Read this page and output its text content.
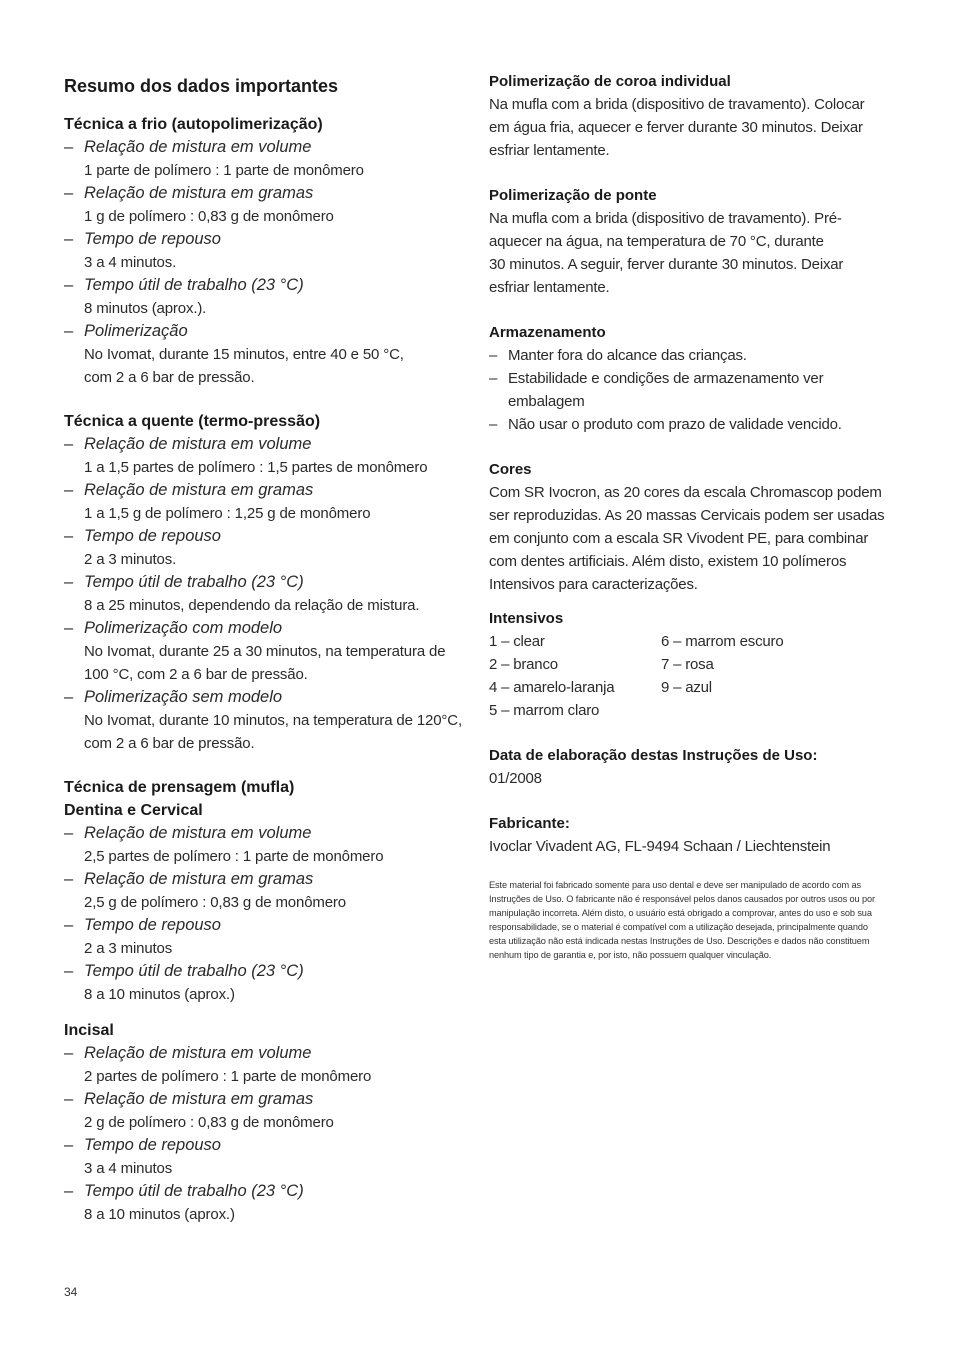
Resumo dos dados importantes
Técnica a frio (autopolimerização)
– Relação de mistura em volume
1 parte de polímero : 1 parte de monômero
– Relação de mistura em gramas
1 g de polímero : 0,83 g de monômero
– Tempo de repouso
3 a 4 minutos.
– Tempo útil de trabalho (23 °C)
8 minutos (aprox.).
– Polimerização
No Ivomat, durante 15 minutos, entre 40 e 50 °C,
com 2 a 6 bar de pressão.
Técnica a quente (termo-pressão)
– Relação de mistura em volume
1 a 1,5 partes de polímero : 1,5 partes de monômero
– Relação de mistura em gramas
1 a 1,5 g de polímero : 1,25 g de monômero
– Tempo de repouso
2 a 3 minutos.
– Tempo útil de trabalho (23 °C)
8 a 25 minutos, dependendo da relação de mistura.
– Polimerização com modelo
No Ivomat, durante 25 a 30 minutos, na temperatura de
100 °C, com 2 a 6 bar de pressão.
– Polimerização sem modelo
No Ivomat, durante 10 minutos, na temperatura de 120°C,
com 2 a 6 bar de pressão.
Técnica de prensagem (mufla)
Dentina e Cervical
– Relação de mistura em volume
2,5 partes de polímero : 1 parte de monômero
– Relação de mistura em gramas
2,5 g de polímero : 0,83 g de monômero
– Tempo de repouso
2 a 3 minutos
– Tempo útil de trabalho (23 °C)
8 a 10 minutos (aprox.)
Incisal
– Relação de mistura em volume
2 partes de polímero : 1 parte de monômero
– Relação de mistura em gramas
2 g de polímero : 0,83 g de monômero
– Tempo de repouso
3 a 4 minutos
– Tempo útil de trabalho (23 °C)
8 a 10 minutos (aprox.)
Polimerização de coroa individual
Na mufla com a brida (dispositivo de travamento). Colocar
em água fria, aquecer e ferver durante 30 minutos. Deixar
esfriar lentamente.
Polimerização de ponte
Na mufla com a brida (dispositivo de travamento). Pré-
aquecer na água, na temperatura de 70 °C, durante
30 minutos. A seguir, ferver durante 30 minutos. Deixar
esfriar lentamente.
Armazenamento
– Manter fora do alcance das crianças.
– Estabilidade e condições de armazenamento ver
embalagem
– Não usar o produto com prazo de validade vencido.
Cores
Com SR Ivocron, as 20 cores da escala Chromascop podem
ser reproduzidas. As 20 massas Cervicais podem ser usadas
em conjunto com a escala SR Vivodent PE, para combinar
com dentes artificiais. Além disto, existem 10 polímeros
Intensivos para caracterizações.
Intensivos
1 – clear
2 – branco
4 – amarelo-laranja
5 – marrom claro
6 – marrom escuro
7 – rosa
9 – azul
Data de elaboração destas Instruções de Uso:
01/2008
Fabricante:
Ivoclar Vivadent AG, FL-9494 Schaan / Liechtenstein
Este material foi fabricado somente para uso dental e deve ser manipulado de acordo com as
Instruções de Uso. O fabricante não é responsável pelos danos causados por outros usos ou por
manipulação incorreta. Além disto, o usuário está obrigado a comprovar, antes do uso e sob sua
responsabilidade, se o material é compatível com a utilização desejada, principalmente quando
esta utilização não está indicada nestas Instruções de Uso. Descrições e dados não constituem
nenhum tipo de garantia e, por isto, não possuem qualquer vinculação.
34
